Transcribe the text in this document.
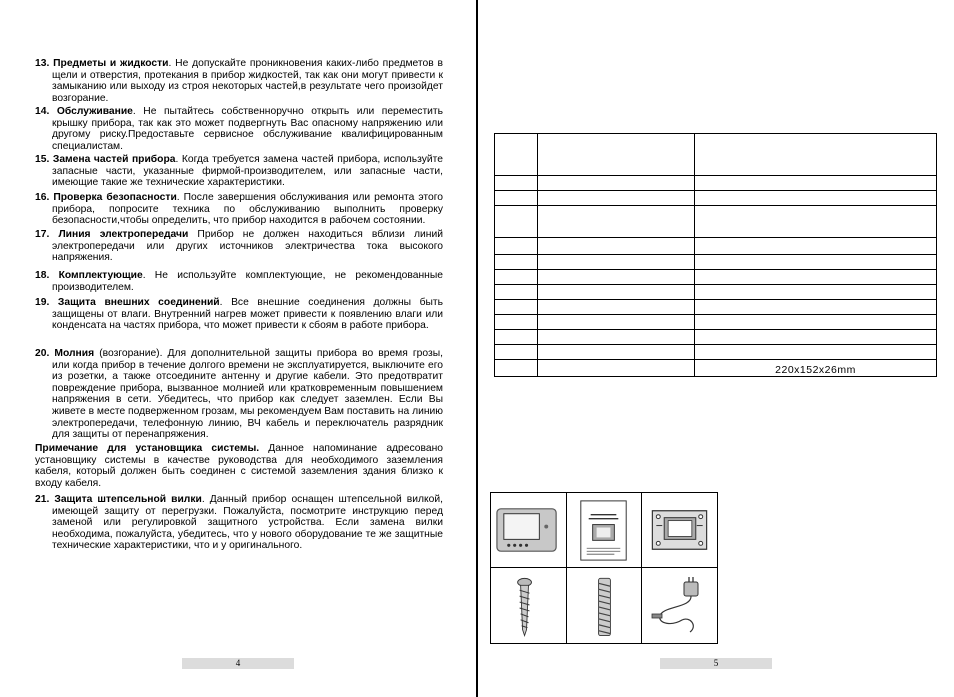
13. Предметы и жидкости. Не допускайте проникновения каких-либо предметов в щели и отверстия, протекания в прибор жидкостей, так как они могут привести к замыканию или выходу из строя некоторых частей,в результате чего произойдет возгорание.
14. Обслуживание. Не пытайтесь собственноручно открыть или переместить крышку прибора, так как это может подвергнуть Вас опасному напряжению или другому риску.Предоставьте сервисное обслуживание квалифицированным специалистам.
15. Замена частей прибора. Когда требуется замена частей прибора, используйте запасные части, указанные фирмой-производителем, или запасные части, имеющие такие же технические характеристики.
16. Проверка безопасности. После завершения обслуживания или ремонта этого прибора, попросите техника по обслуживанию выполнить проверку безопасности,чтобы определить, что прибор находится в рабочем состоянии.
17. Линия электропередачи Прибор не должен находиться вблизи линий электропередачи или других источников электричества тока высокого напряжения.
18. Комплектующие. Не используйте комплектующие, не рекомендованные производителем.
19. Защита внешних соединений. Все внешние соединения должны быть защищены от влаги. Внутренний нагрев может привести к появлению влаги или конденсата на частях прибора, что может привести к сбоям в работе прибора.
20. Молния (возгорание). Для дополнительной защиты прибора во время грозы, или когда прибор в течение долгого времени не эксплуатируется, выключите его из розетки, а также отсоедините антенну и другие кабели. Это предотвратит повреждение прибора, вызванное молнией или кратковременным повышением напряжения в сети. Убедитесь, что прибор как следует заземлен. Если Вы живете в месте подверженном грозам, мы рекомендуем Вам поставить на линию электропередачи, телефонную линию, ВЧ кабель и переключатель разрядник для защиты от перенапряжения.
Примечание для установщика системы. Данное напоминание адресовано установщику системы в качестве руководства для необходимого заземления кабеля, который должен быть соединен с системой заземления здания близко к входу кабеля.
21. Защита штепсельной вилки. Данный прибор оснащен штепсельной вилкой, имеющей защиту от перегрузки. Пожалуйста, посмотрите инструкцию перед заменой или регулировкой защитного устройства. Если замена вилки необходима, пожалуйста, убедитесь, что у нового оборудование те же защитные технические характеристики, что и у оригинального.
4

		220x152x26mm
5
